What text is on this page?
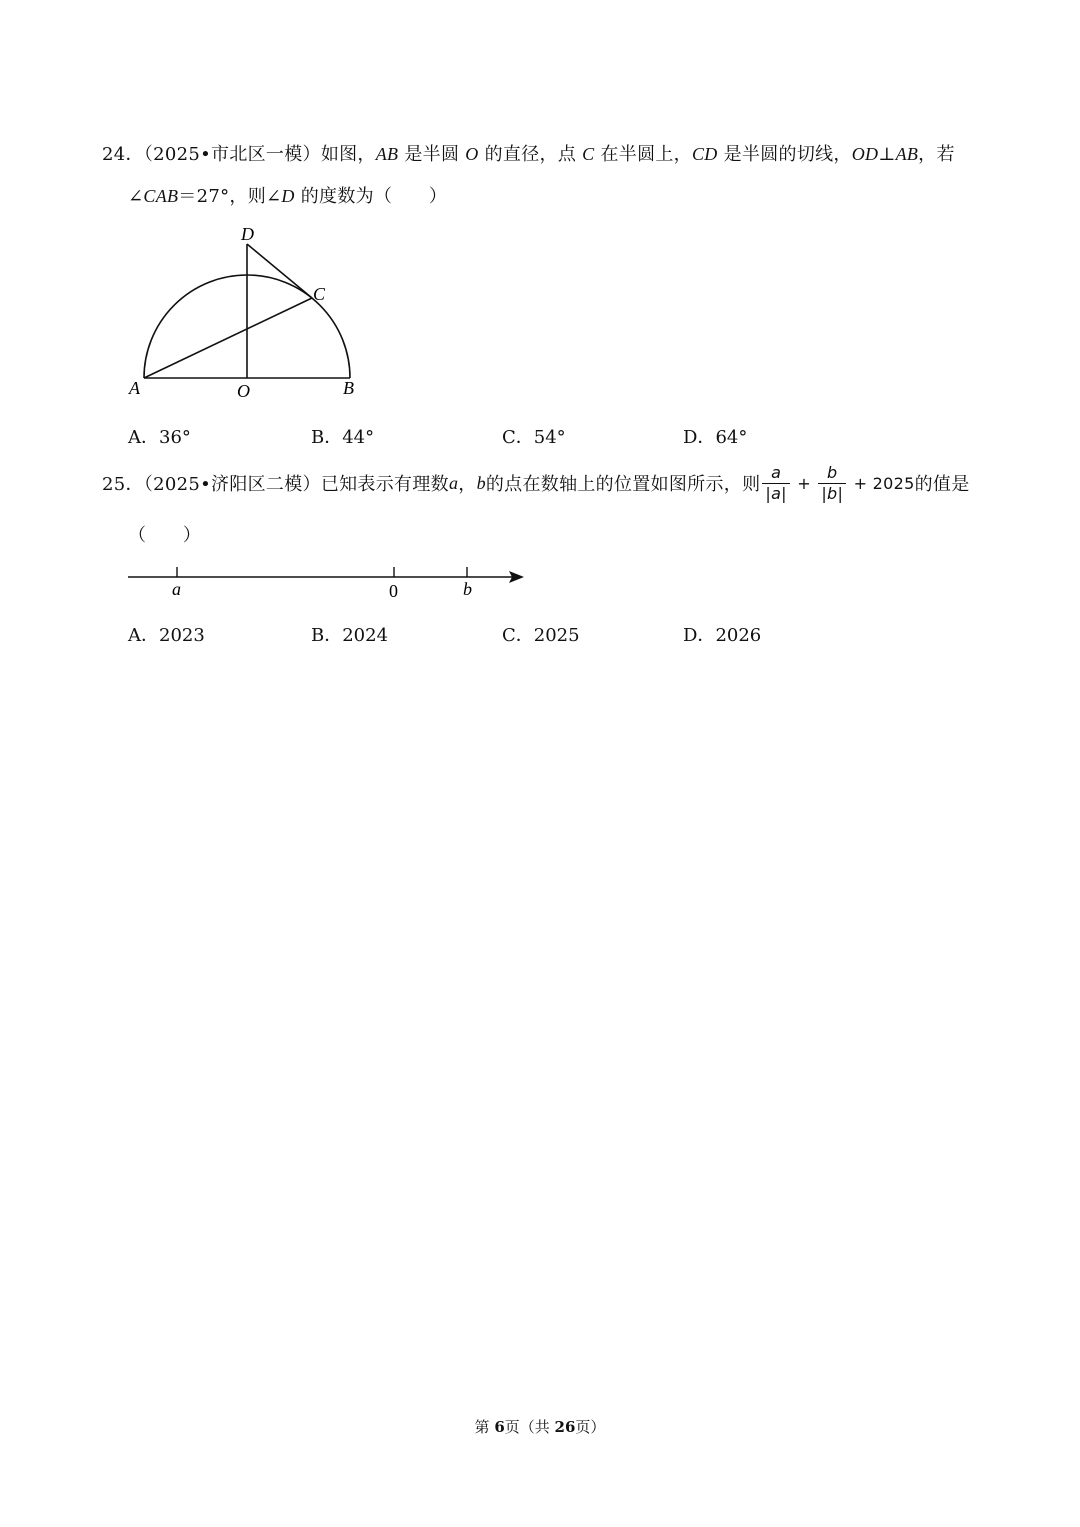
24．（2025•市北区一模）如图，AB 是半圆 O 的直径，点 C 在半圆上，CD 是半圆的切线，OD⊥AB，若
∠CAB＝27°，则∠D 的度数为（　　）
D
C
A	O	B
A．36°	B．44°	C．54°	D．64°
25．（2025•济阳区二模）已知表示有理数 a ， b 的点在数轴上的位置如图所示，则 $\frac{a}{|a|} + \frac{b}{|b|} + 2025$ 的值是
（　　）
a	0	b
A．2023	B．2024	C．2025	D．2026
第 6页（共 26页）
